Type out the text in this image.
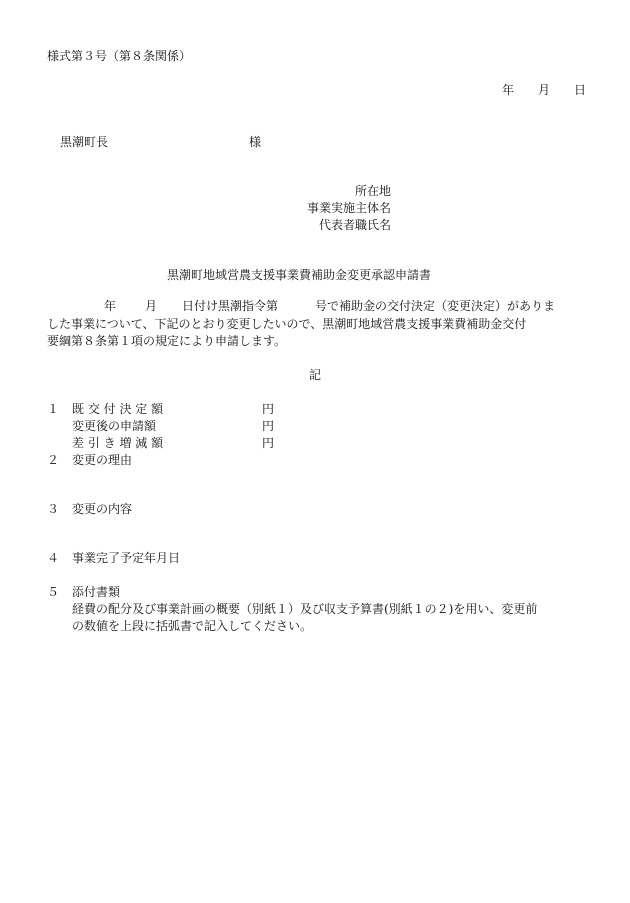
様式第３号（第８条関係）
年　月　日
黒潮町長	様
所在地
事業実施主体名
代表者職氏名
黒潮町地域営農支援事業費補助金変更承認申請書
年 月 日付け黒潮指令第	号で補助金の交付決定（変更決定）がありま
した事業について、下記のとおり変更したいので、黒潮町地域営農支援事業費補助金交付
要綱第８条第１項の規定により申請します。
記
１ 既 交 付 決 定 額	円
変更後の申請額	円
差 引 き 増 減 額	円
２ 変更の理由
３ 変更の内容
４ 事業完了予定年月日
５ 添付書類
経費の配分及び事業計画の概要（別紙１）及び収支予算書(別紙１の２)を用い、変更前
の数値を上段に括弧書で記入してください。
